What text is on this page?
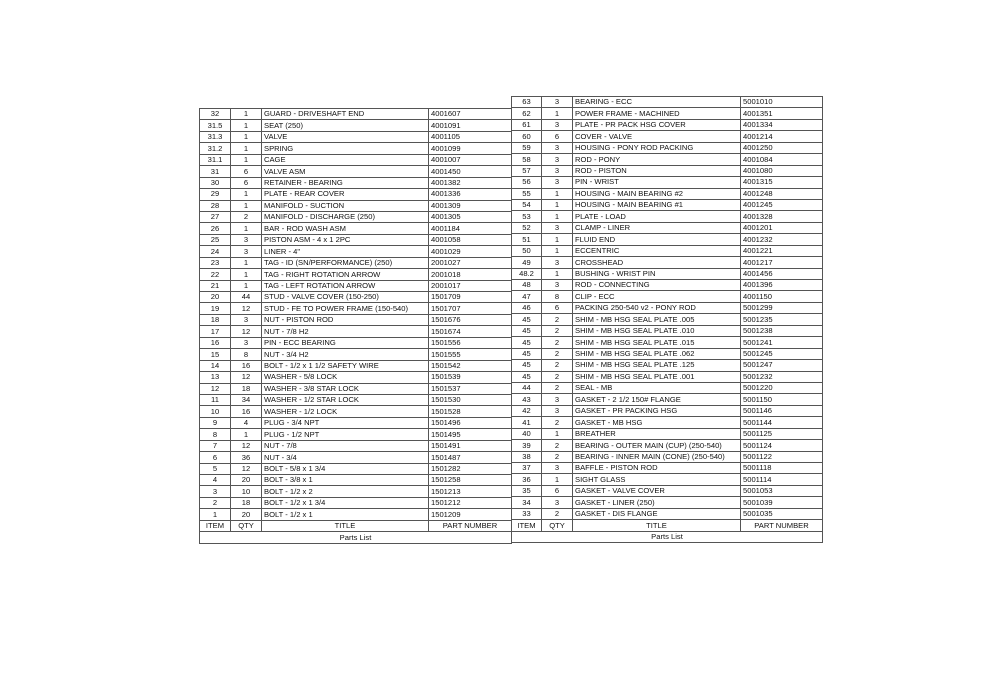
32	1	GUARD - DRIVESHAFT END	4001607
31.5	1	SEAT (250)	4001091
31.3	1	VALVE	4001105
31.2	1	SPRING	4001099
31.1	1	CAGE	4001007
31	6	VALVE ASM	4001450
30	6	RETAINER - BEARING	4001382
29	1	PLATE - REAR COVER	4001336
28	1	MANIFOLD - SUCTION	4001309
27	2	MANIFOLD - DISCHARGE (250)	4001305
26	1	BAR - ROD WASH ASM	4001184
25	3	PISTON ASM - 4 x 1 2PC	4001058
24	3	LINER - 4"	4001029
23	1	TAG - ID (SN/PERFORMANCE) (250)	2001027
22	1	TAG - RIGHT ROTATION ARROW	2001018
21	1	TAG - LEFT ROTATION ARROW	2001017
20	44	STUD - VALVE COVER (150-250)	1501709
19	12	STUD - FE TO POWER FRAME (150-540)	1501707
18	3	NUT - PISTON ROD	1501676
17	12	NUT - 7/8 H2	1501674
16	3	PIN - ECC BEARING	1501556
15	8	NUT - 3/4 H2	1501555
14	16	BOLT - 1/2 x 1 1/2 SAFETY WIRE	1501542
13	12	WASHER - 5/8 LOCK	1501539
12	18	WASHER - 3/8 STAR LOCK	1501537
11	34	WASHER - 1/2 STAR LOCK	1501530
10	16	WASHER - 1/2 LOCK	1501528
9	4	PLUG - 3/4 NPT	1501496
8	1	PLUG - 1/2 NPT	1501495
7	12	NUT - 7/8	1501491
6	36	NUT - 3/4	1501487
5	12	BOLT - 5/8 x 1 3/4	1501282
4	20	BOLT - 3/8 x 1	1501258
3	10	BOLT - 1/2 x 2	1501213
2	18	BOLT - 1/2 x 1 3/4	1501212
1	20	BOLT - 1/2 x 1	1501209
ITEM	QTY	TITLE	PART NUMBER
Parts List			
63	3	BEARING - ECC	5001010
62	1	POWER FRAME - MACHINED	4001351
61	3	PLATE - PR PACK HSG COVER	4001334
60	6	COVER - VALVE	4001214
59	3	HOUSING - PONY ROD PACKING	4001250
58	3	ROD - PONY	4001084
57	3	ROD - PISTON	4001080
56	3	PIN - WRIST	4001315
55	1	HOUSING - MAIN BEARING #2	4001248
54	1	HOUSING - MAIN BEARING #1	4001245
53	1	PLATE - LOAD	4001328
52	3	CLAMP - LINER	4001201
51	1	FLUID END	4001232
50	1	ECCENTRIC	4001221
49	3	CROSSHEAD	4001217
48.2	1	BUSHING - WRIST PIN	4001456
48	3	ROD - CONNECTING	4001396
47	8	CLIP - ECC	4001150
46	6	PACKING 250-540 v2 - PONY ROD	5001299
45	2	SHIM - MB HSG SEAL PLATE .005	5001235
45	2	SHIM - MB HSG SEAL PLATE .010	5001238
45	2	SHIM - MB HSG SEAL PLATE .015	5001241
45	2	SHIM - MB HSG SEAL PLATE .062	5001245
45	2	SHIM - MB HSG SEAL PLATE .125	5001247
45	2	SHIM - MB HSG SEAL PLATE .001	5001232
44	2	SEAL - MB	5001220
43	3	GASKET - 2 1/2 150# FLANGE	5001150
42	3	GASKET - PR PACKING HSG	5001146
41	2	GASKET - MB HSG	5001144
40	1	BREATHER	5001125
39	2	BEARING - OUTER MAIN (CUP) (250-540)	5001124
38	2	BEARING - INNER MAIN (CONE) (250-540)	5001122
37	3	BAFFLE - PISTON ROD	5001118
36	1	SIGHT GLASS	5001114
35	6	GASKET - VALVE COVER	5001053
34	3	GASKET - LINER (250)	5001039
33	2	GASKET - DIS FLANGE	5001035
ITEM	QTY	TITLE	PART NUMBER
Parts List			
